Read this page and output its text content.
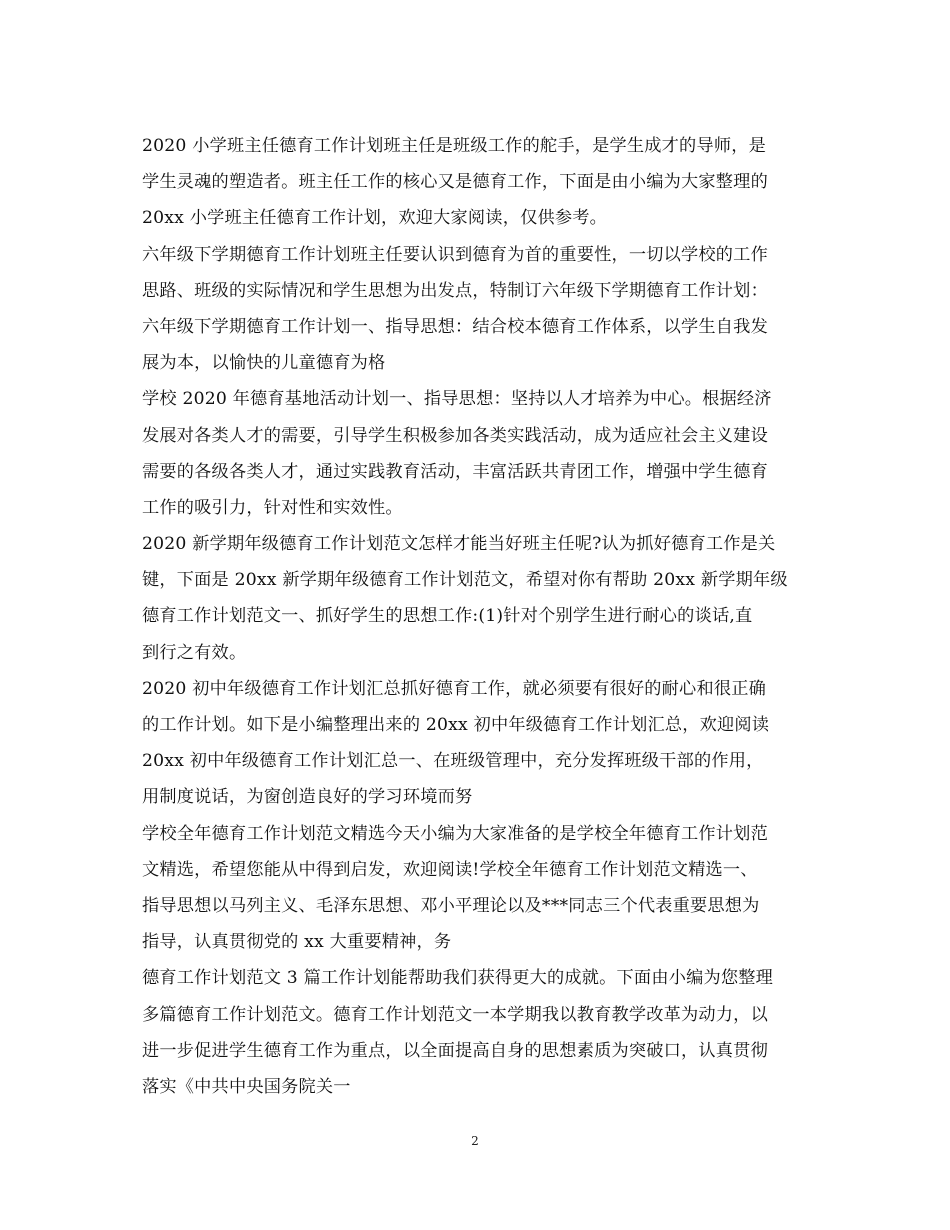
2020 小学班主任德育工作计划班主任是班级工作的舵手，是学生成才的导师，是
学生灵魂的塑造者。班主任工作的核心又是德育工作，下面是由小编为大家整理的
20xx 小学班主任德育工作计划，欢迎大家阅读，仅供参考。
六年级下学期德育工作计划班主任要认识到德育为首的重要性，一切以学校的工作
思路、班级的实际情况和学生思想为出发点，特制订六年级下学期德育工作计划：
六年级下学期德育工作计划一、指导思想：结合校本德育工作体系，以学生自我发
展为本，以愉快的儿童德育为格
学校 2020 年德育基地活动计划一、指导思想：坚持以人才培养为中心。根据经济
发展对各类人才的需要，引导学生积极参加各类实践活动，成为适应社会主义建设
需要的各级各类人才，通过实践教育活动，丰富活跃共青团工作，增强中学生德育
工作的吸引力，针对性和实效性。
2020 新学期年级德育工作计划范文怎样才能当好班主任呢?认为抓好德育工作是关
键，下面是 20xx 新学期年级德育工作计划范文，希望对你有帮助 20xx 新学期年级
德育工作计划范文一、抓好学生的思想工作:(1)针对个别学生进行耐心的谈话,直
到行之有效。
2020 初中年级德育工作计划汇总抓好德育工作，就必须要有很好的耐心和很正确
的工作计划。如下是小编整理出来的 20xx 初中年级德育工作计划汇总，欢迎阅读
20xx 初中年级德育工作计划汇总一、在班级管理中，充分发挥班级干部的作用，
用制度说话，为窗创造良好的学习环境而努
学校全年德育工作计划范文精选今天小编为大家准备的是学校全年德育工作计划范
文精选，希望您能从中得到启发，欢迎阅读!学校全年德育工作计划范文精选一、
指导思想以马列主义、毛泽东思想、邓小平理论以及***同志三个代表重要思想为
指导，认真贯彻党的 xx 大重要精神，务
德育工作计划范文 3 篇工作计划能帮助我们获得更大的成就。下面由小编为您整理
多篇德育工作计划范文。德育工作计划范文一本学期我以教育教学改革为动力，以
进一步促进学生德育工作为重点，以全面提高自身的思想素质为突破口，认真贯彻
落实《中共中央国务院关一
2
